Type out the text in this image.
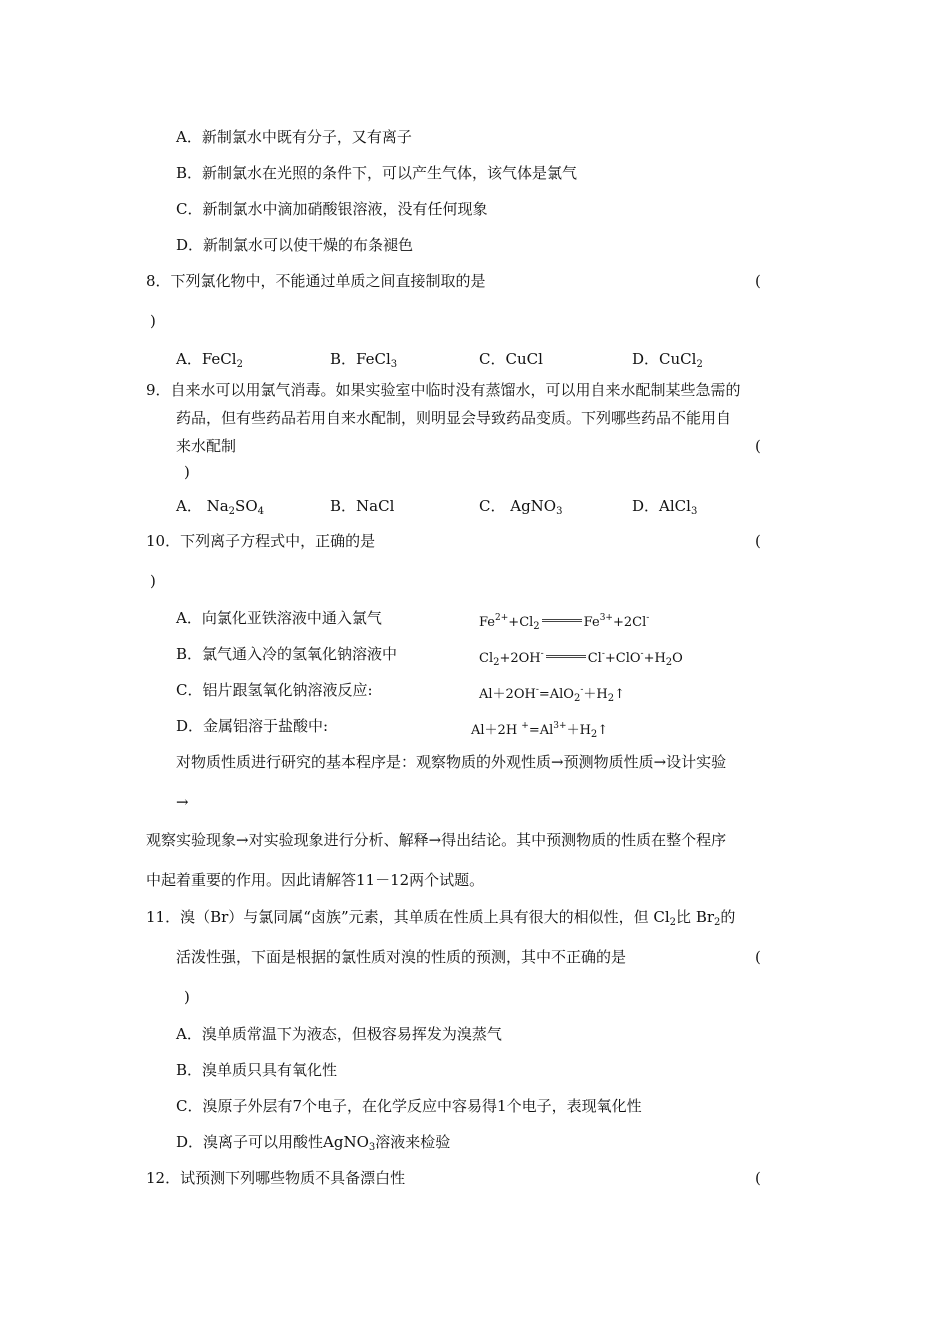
A．新制氯水中既有分子，又有离子
B．新制氯水在光照的条件下，可以产生气体，该气体是氯气
C．新制氯水中滴加硝酸银溶液，没有任何现象
D．新制氯水可以使干燥的布条褪色
8．下列氯化物中，不能通过单质之间直接制取的是	(
)
A．FeCl$_2$	B．FeCl$_3$	C．CuCl	D．CuCl$_2$
9．自来水可以用氯气消毒。如果实验室中临时没有蒸馏水，可以用自来水配制某些急需的
药品，但有些药品若用自来水配制，则明显会导致药品变质。下列哪些药品不能用自
来水配制	(
)
A． $Na_2SO_4$	B．NaCl	C． AgNO$_3$	D．AlCl$_3$
10．下列离子方程式中，正确的是	(
)
A．向氯化亚铁溶液中通入氯气	$Fe^{2+}+Cl_2$	$Fe^{3+}+2Cl^-$
B．氯气通入冷的氢氧化钠溶液中	$Cl_2+2OH^-$	$Cl^-+ClO^-+H_2O$
C．铝片跟氢氧化钠溶液反应:	$Al+2OH^-=AlO_2^-+H_2↑$
D．金属铝溶于盐酸中:	Al＋2H $^+=Al^{3+}+H_2↑$
对物质性质进行研究的基本程序是：观察物质的外观性质→预测物质性质→设计实验
→
观察实验现象→对实验现象进行分析、解释→得出结论。其中预测物质的性质在整个程序
中起着重要的作用。因此请解答11－12两个试题。
11．溴（Br）与氯同属“卤族”元素，其单质在性质上具有很大的相似性，但 $Cl_2$比 $Br_2$的
活泼性强，下面是根据的氯性质对溴的性质的预测，其中不正确的是	(
)
A．溴单质常温下为液态，但极容易挥发为溴蒸气
B．溴单质只具有氧化性
C．溴原子外层有7个电子，在化学反应中容易得1个电子，表现氧化性
D．溴离子可以用酸性AgNO$_3$溶液来检验
12．试预测下列哪些物质不具备漂白性	(
